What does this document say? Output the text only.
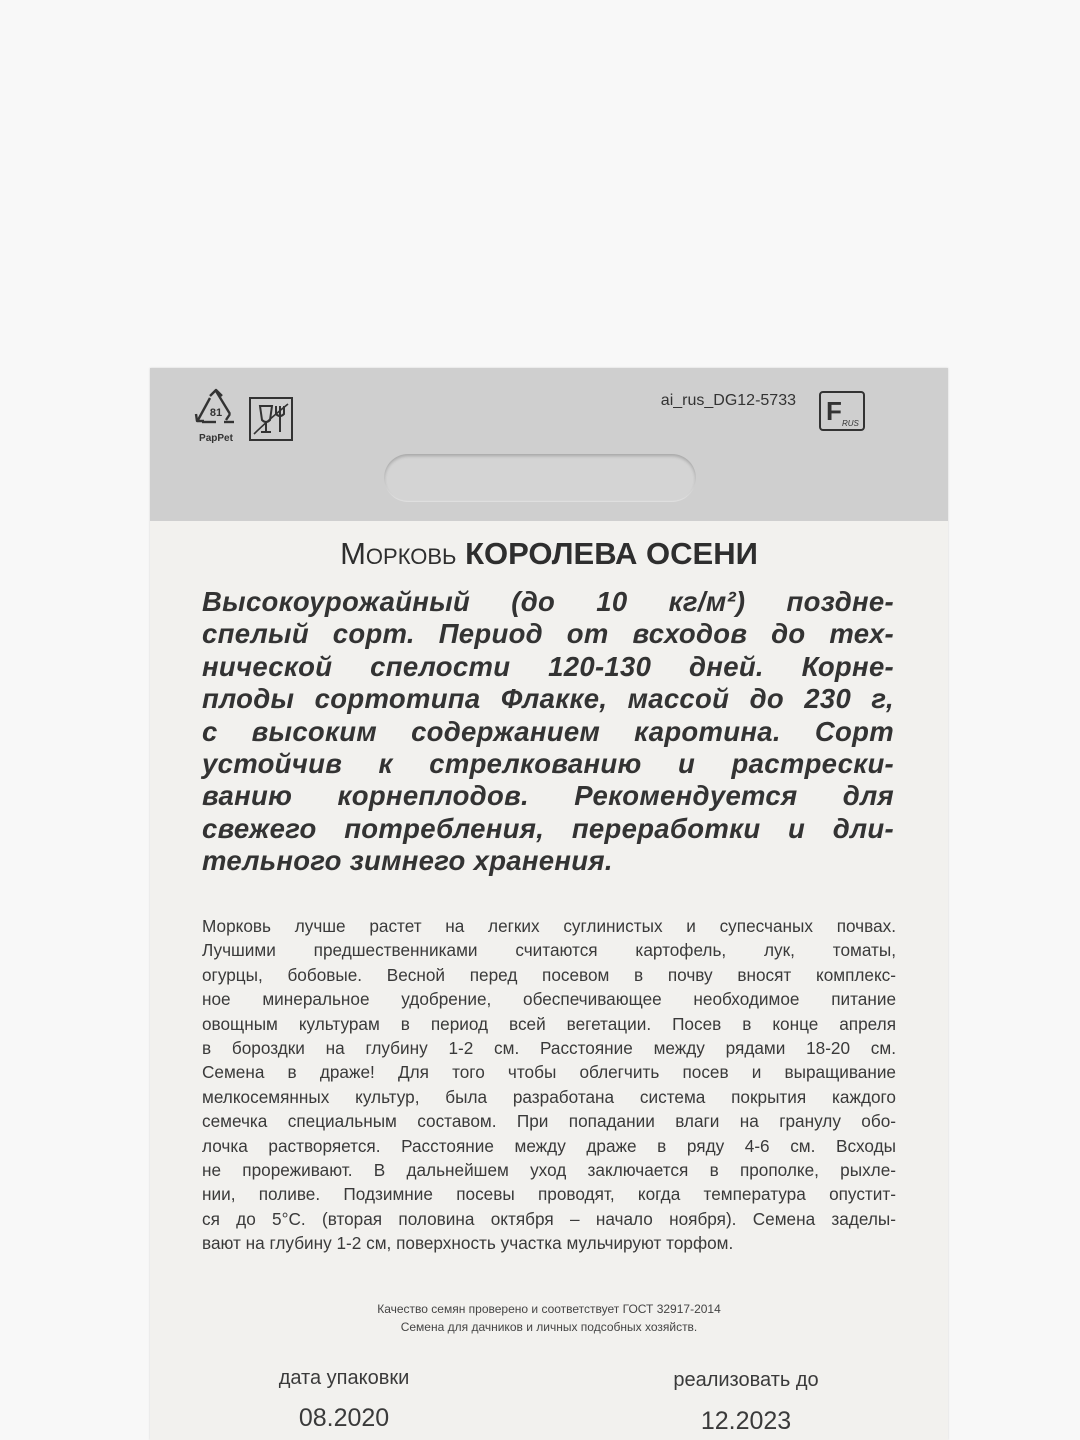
81
PapPet
ai_rus_DG12-5733 F RUS
Морковь КОРОЛЕВА ОСЕНИ
Высокоурожайный (до 10 кг/м²) поздне-
спелый сорт. Период от всходов до тех-
нической спелости 120-130 дней. Корне-
плоды сортотипа Флакке, массой до 230 г,
с высоким содержанием каротина. Сорт
устойчив к стрелкованию и растрески-
ванию корнеплодов. Рекомендуется для
свежего потребления, переработки и дли-
тельного зимнего хранения.
Морковь лучше растет на легких суглинистых и супесчаных почвах.
Лучшими предшественниками считаются картофель, лук, томаты,
огурцы, бобовые. Весной перед посевом в почву вносят комплекс-
ное минеральное удобрение, обеспечивающее необходимое питание
овощным культурам в период всей вегетации. Посев в конце апреля
в бороздки на глубину 1-2 см. Расстояние между рядами 18-20 см.
Семена в драже! Для того чтобы облегчить посев и выращивание
мелкосемянных культур, была разработана система покрытия каждого
семечка специальным составом. При попадании влаги на гранулу обо-
лочка растворяется. Расстояние между драже в ряду 4-6 см. Всходы
не прореживают. В дальнейшем уход заключается в прополке, рыхле-
нии, поливе. Подзимние посевы проводят, когда температура опустит-
ся до 5°С. (вторая половина октября – начало ноября). Семена заделы-
вают на глубину 1-2 см, поверхность участка мульчируют торфом.
Качество семян проверено и соответствует ГОСТ 32917-2014
Семена для дачников и личных подсобных хозяйств.
дата упаковки	реализовать до
08.2020	12.2023
